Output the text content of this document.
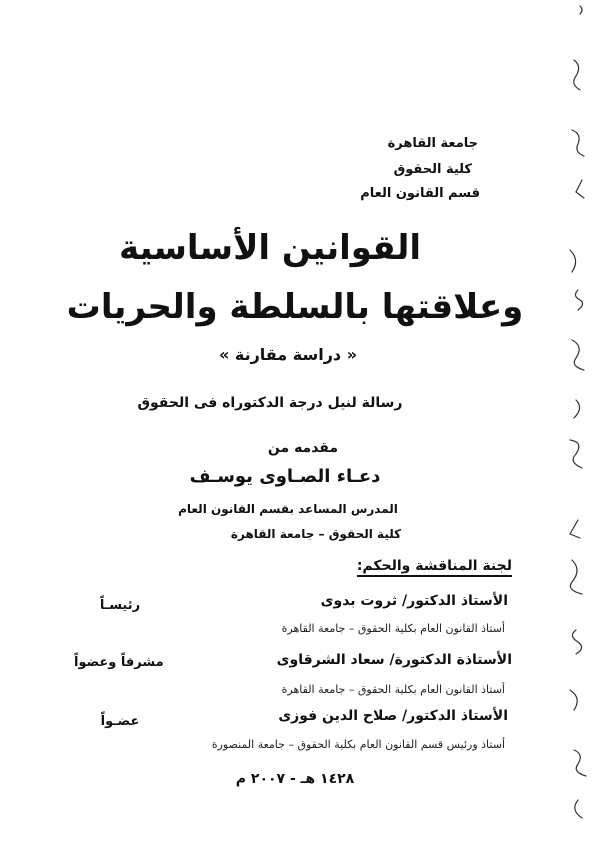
جامعة القاهرة
كلية الحقوق
قسم القانون العام
القوانين الأساسية
وعلاقتها بالسلطة والحريات
« دراسة مقارنة »
رسالة لنيل درجة الدكتوراه فى الحقوق
مقدمه من
دعـاء الصـاوى يوسـف
المدرس المساعد بقسم القانون العام
كلية الحقوق – جامعة القاهرة
لجنة المناقشة والحكم:
الأستاذ الدكتور/ ثروت بدوى
أستاذ القانون العام بكلية الحقوق – جامعة القاهرة
رئيسـاً
الأستاذة الدكتورة/ سعاد الشرقاوى
أستاذ القانون العام بكلية الحقوق – جامعة القاهرة
مشرفاً وعضواً
الأستاذ الدكتور/ صلاح الدين فوزى
أستاذ ورئيس قسم القانون العام بكلية الحقوق – جامعة المنصورة
عضـواً
١٤٢٨ هـ - ٢٠٠٧ م
